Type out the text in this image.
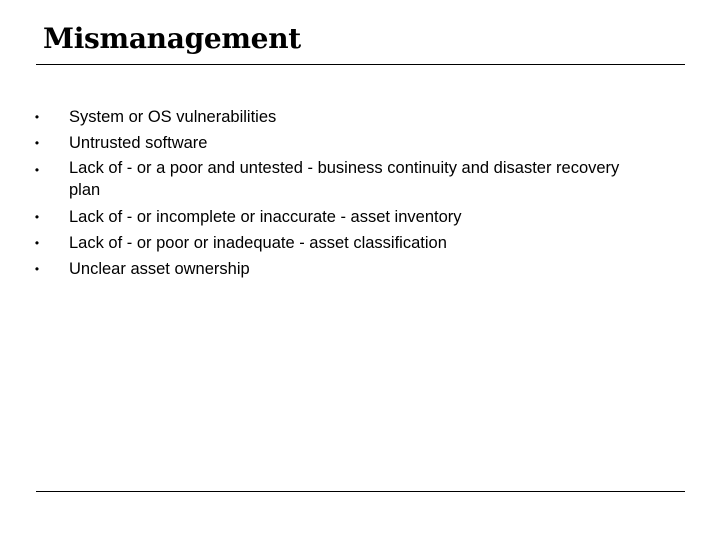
Mismanagement
• System or OS vulnerabilities
• Untrusted software
• Lack of - or a poor and untested - business continuity and disaster recovery plan
• Lack of - or incomplete or inaccurate - asset inventory
• Lack of - or poor or inadequate - asset classification
• Unclear asset ownership
